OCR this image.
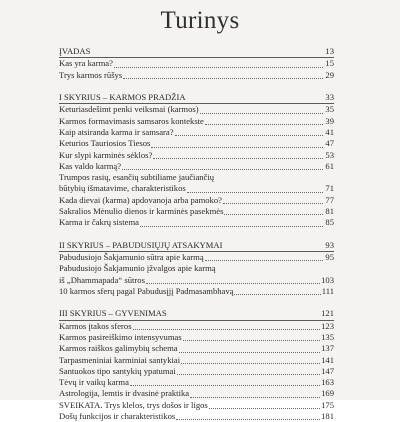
Turinys
ĮVADAS	13
Kas yra karma?	15
Trys karmos rūšys	29
I SKYRIUS – KARMOS PRADŽIA	33
Keturiasdešimt penki veiksmai (karmos)	35
Karmos formavimasis samsaros kontekste	39
Kaip atsiranda karma ir samsara?	41
Keturios Tauriosios Tiesos	47
Kur slypi karminės sėklos?	53
Kas valdo karmą?	61
Trumpos rasių, esančių subtiliame jaučiančių
būtybių išmatavime, charakteristikos	71
Kada dievai (karma) apdovanoja arba pamoko?	77
Sakralios Mėnulio dienos ir karminės pasekmės	81
Karma ir čakrų sistema	85
II SKYRIUS – PABUDUSIŲJŲ ATSAKYMAI	93
Pabudusiojo Šakjamunio sūtra apie karmą	95
Pabudusiojo Šakjamunio įžvalgos apie karmą
iš „Dhammapada“ sūtros	103
10 karmos sferų pagal Pabudusįjį Padmasambhavą	111
III SKYRIUS – GYVENIMAS	121
Karmos įtakos sferos	123
Karmos pasireiškimo intensyvumas	135
Karmos raiškos galimybių schema	137
Tarpasmeniniai karminiai santykiai	141
Santuokos tipo santykių ypatumai	147
Tėvų ir vaikų karma	163
Astrologija, lemtis ir dvasinė praktika	169
SVEIKATA. Trys klelos, trys došos ir ligos	175
Došų funkcijos ir charakteristikos	181
